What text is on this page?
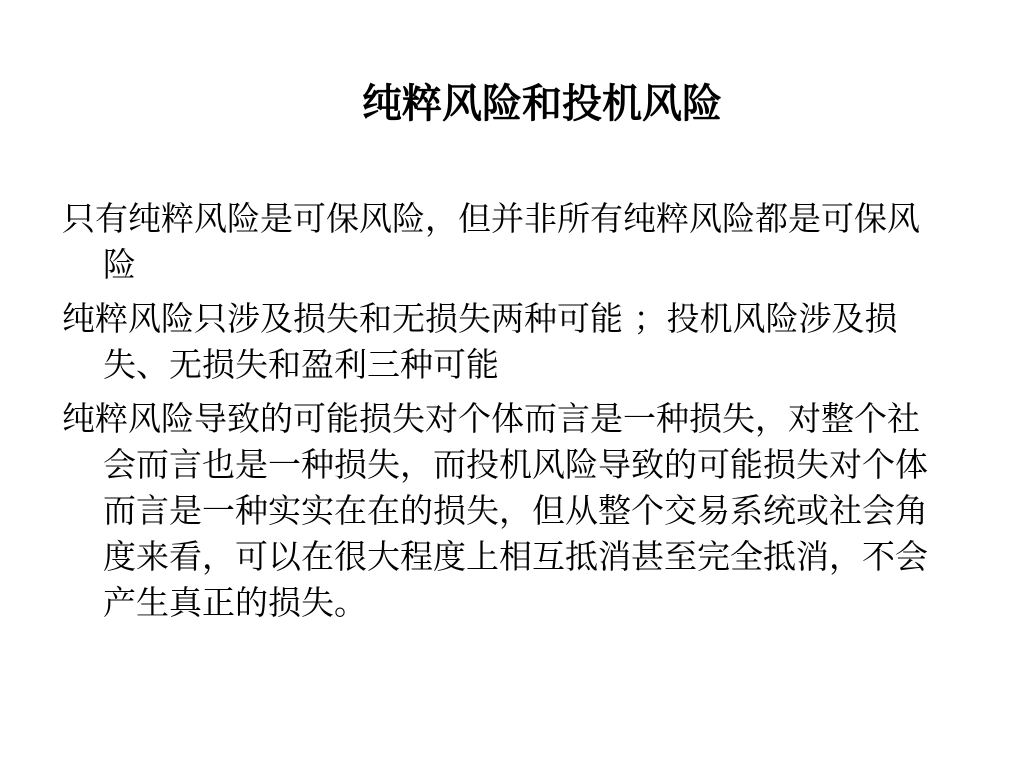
纯粹风险和投机风险

只有纯粹风险是可保风险，但并非所有纯粹风险都是可保风险

纯粹风险只涉及损失和无损失两种可能 ；投机风险涉及损失、无损失和盈利三种可能

纯粹风险导致的可能损失对个体而言是一种损失，对整个社会而言也是一种损失，而投机风险导致的可能损失对个体而言是一种实实在在的损失，但从整个交易系统或社会角度来看，可以在很大程度上相互抵消甚至完全抵消，不会产生真正的损失。
